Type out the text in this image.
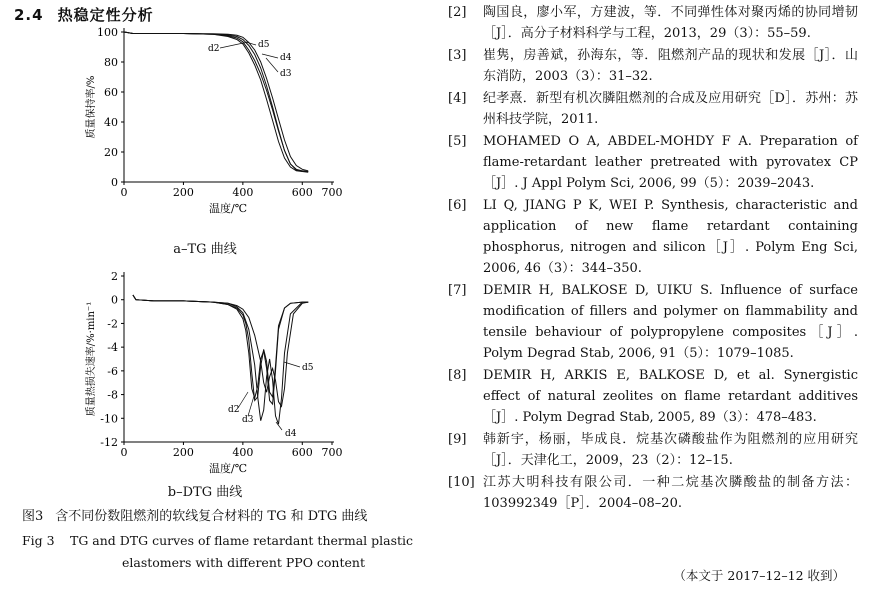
2.4 热稳定性分析
0	200	400	600 700
0
20
40
60
80
100
温度/℃
质量保持率/%
d2
d3
d4
d5
a–TG 曲线
0	200	400	600 700
-12
-10
-8
-6
-4
-2
0
2
温度/℃
质量热损失速率/%·min⁻¹	d2
d3
d4
d5
b–DTG 曲线
图3 含不同份数阻燃剂的软线复合材料的 TG 和 DTG 曲线
Fig 3 TG and DTG curves of flame retardant thermal plastic
elastomers with different PPO content
[2] 陶国良，廖小军，方建波，等．不同弹性体对聚丙烯的协同增韧［J］．高分子材料科学与工程，2013，29（3）：55–59.
[3] 崔隽，房善斌，孙海东，等．阻燃剂产品的现状和发展［J］．山东消防，2003（3）：31–32.
[4] 纪孝熹．新型有机次膦阻燃剂的合成及应用研究［D］．苏州：苏州科技学院，2011.
[5] MOHAMED O A, ABDEL-MOHDY F A. Preparation of flame-retardant leather pretreated with pyrovatex CP［J］. J Appl Polym Sci, 2006, 99（5）：2039–2043.
[6] LI Q, JIANG P K, WEI P. Synthesis, characteristic and application of new flame retardant containing phosphorus, nitrogen and silicon［J］. Polym Eng Sci, 2006, 46（3）：344–350.
[7] DEMIR H, BALKOSE D, UIKU S. Influence of surface modification of fillers and polymer on flammability and tensile behaviour of polypropylene composites［J］. Polym Degrad Stab, 2006, 91（5）：1079–1085.
[8] DEMIR H, ARKIS E, BALKOSE D, et al. Synergistic effect of natural zeolites on flame retardant additives［J］. Polym Degrad Stab, 2005, 89（3）：478–483.
[9] 韩新宇，杨丽，毕成良．烷基次磷酸盐作为阻燃剂的应用研究［J］．天津化工，2009，23（2）：12–15.
[10] 江苏大明科技有限公司．一种二烷基次膦酸盐的制备方法：103992349［P］．2004–08–20.
（本文于 2017–12–12 收到）
